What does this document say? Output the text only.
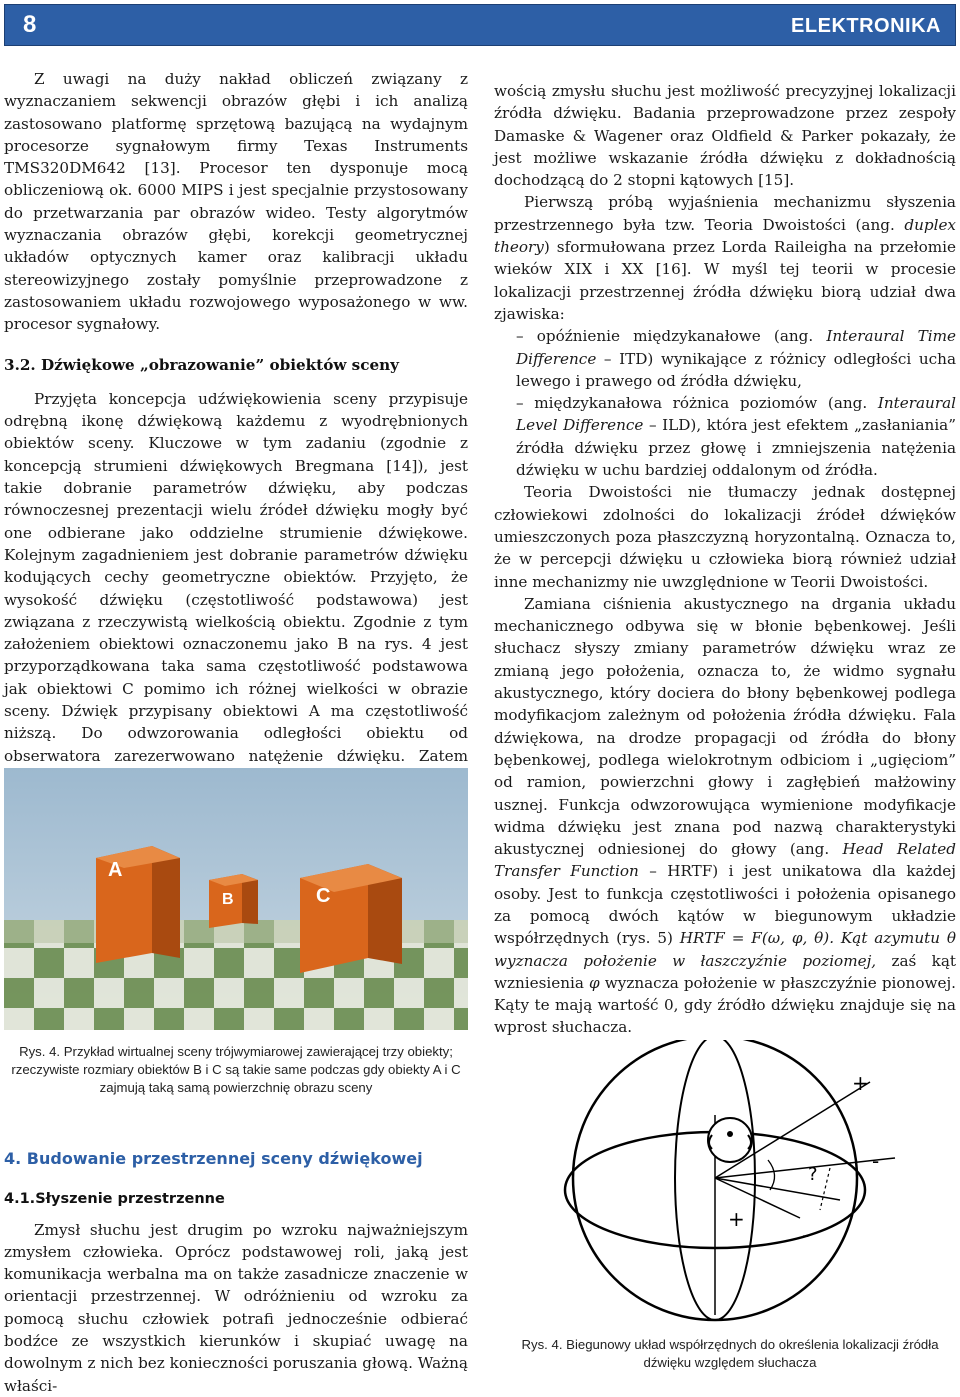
8	ELEKTRONIKA

Z uwagi na duży nakład obliczeń związany z wyznaczaniem sekwencji obrazów głębi i ich analizą zastosowano platformę sprzętową bazującą na wydajnym procesorze sygnałowym firmy Texas Instruments TMS320DM642 [13]. Procesor ten dysponuje mocą obliczeniową ok. 6000 MIPS i jest specjalnie przystosowany do przetwarzania par obrazów wideo. Testy algorytmów wyznaczania obrazów głębi, korekcji geometrycznej układów optycznych kamer oraz kalibracji układu stereowizyjnego zostały pomyślnie przeprowadzone z zastosowaniem układu rozwojowego wyposażonego w ww. procesor sygnałowy.

3.2. Dźwiękowe „obrazowanie” obiektów sceny

Przyjęta koncepcja udźwiękowienia sceny przypisuje odrębną ikonę dźwiękową każdemu z wyodrębnionych obiektów sceny. Kluczowe w tym zadaniu (zgodnie z koncepcją strumieni dźwiękowych Bregmana [14]), jest takie dobranie parametrów dźwięku, aby podczas równoczesnej prezentacji wielu źródeł dźwięku mogły być one odbierane jako oddzielne strumienie dźwiękowe. Kolejnym zagadnieniem jest dobranie parametrów dźwięku kodujących cechy geometryczne obiektów. Przyjęto, że wysokość dźwięku (częstotliwość podstawowa) jest związana z rzeczywistą wielkością obiektu. Zgodnie z tym założeniem obiektowi oznaczonemu jako B na rys. 4 jest przyporządkowana taka sama częstotliwość podstawowa jak obiektowi C pomimo ich różnej wielkości w obrazie sceny. Dźwięk przypisany obiektowi A ma częstotliwość niższą. Do odwzorowania odległości obiektu od obserwatora zarezerwowano natężenie dźwięku. Zatem

A
B	C
Rys. 4. Przykład wirtualnej sceny trójwymiarowej zawierającej trzy obiekty; rzeczywiste rozmiary obiektów B i C są takie same podczas gdy obiekty A i C zajmują taką samą powierzchnię obrazu sceny

4. Budowanie przestrzennej sceny dźwiękowej

4.1.Słyszenie przestrzenne

Zmysł słuchu jest drugim po wzroku najważniejszym zmysłem człowieka. Oprócz podstawowej roli, jaką jest komunikacja werbalna ma on także zasadnicze znaczenie w orientacji przestrzennej. W odróżnieniu od wzroku za pomocą słuchu człowiek potrafi jednocześnie odbierać bodźce ze wszystkich kierunków i skupiać uwagę na dowolnym z nich bez konieczności poruszania głową. Ważną właści-

wością zmysłu słuchu jest możliwość precyzyjnej lokalizacji źródła dźwięku. Badania przeprowadzone przez zespoły Damaske & Wagener oraz Oldfield & Parker pokazały, że jest możliwe wskazanie źródła dźwięku z dokładnością dochodzącą do 2 stopni kątowych [15].

Pierwszą próbą wyjaśnienia mechanizmu słyszenia przestrzennego była tzw. Teoria Dwoistości (ang. duplex theory) sformułowana przez Lorda Raileigha na przełomie wieków XIX i XX [16]. W myśl tej teorii w procesie lokalizacji przestrzennej źródła dźwięku biorą udział dwa zjawiska:

– opóźnienie międzykanałowe (ang. Interaural Time Difference – ITD) wynikające z różnicy odległości ucha lewego i prawego od źródła dźwięku,

– międzykanałowa różnica poziomów (ang. Interaural Level Difference – ILD), która jest efektem „zasłaniania” źródła dźwięku przez głowę i zmniejszenia natężenia dźwięku w uchu bardziej oddalonym od źródła.

Teoria Dwoistości nie tłumaczy jednak dostępnej człowiekowi zdolności do lokalizacji źródeł dźwięków umieszczonych poza płaszczyzną horyzontalną. Oznacza to, że w percepcji dźwięku u człowieka biorą również udział inne mechanizmy nie uwzględnione w Teorii Dwoistości.

Zamiana ciśnienia akustycznego na drgania układu mechanicznego odbywa się w błonie bębenkowej. Jeśli słuchacz słyszy zmiany parametrów dźwięku wraz ze zmianą jego położenia, oznacza to, że widmo sygnału akustycznego, który dociera do błony bębenkowej podlega modyfikacjom zależnym od położenia źródła dźwięku. Fala dźwiękowa, na drodze propagacji od źródła do błony bębenkowej, podlega wielokrotnym odbiciom i „ugięciom” od ramion, powierzchni głowy i zagłębień małżowiny usznej. Funkcja odwzorowująca wymienione modyfikacje widma dźwięku jest znana pod nazwą charakterystyki akustycznej odniesionej do głowy (ang. Head Related Transfer Function – HRTF) i jest unikatowa dla każdej osoby. Jest to funkcja częstotliwości i położenia opisanego za pomocą dwóch kątów w biegunowym układzie współrzędnych (rys. 5) HRTF = F(ω, φ, θ). Kąt azymutu θ wyznacza położenie w łaszczyźnie poziomej, zaś kąt wzniesienia φ wyznacza położenie w płaszczyźnie pionowej. Kąty te mają wartość 0, gdy źródło dźwięku znajduje się na wprost słuchacza.

+
-
+
-
?
Rys. 4. Biegunowy układ współrzędnych do określenia lokalizacji źródła dźwięku względem słuchacza
